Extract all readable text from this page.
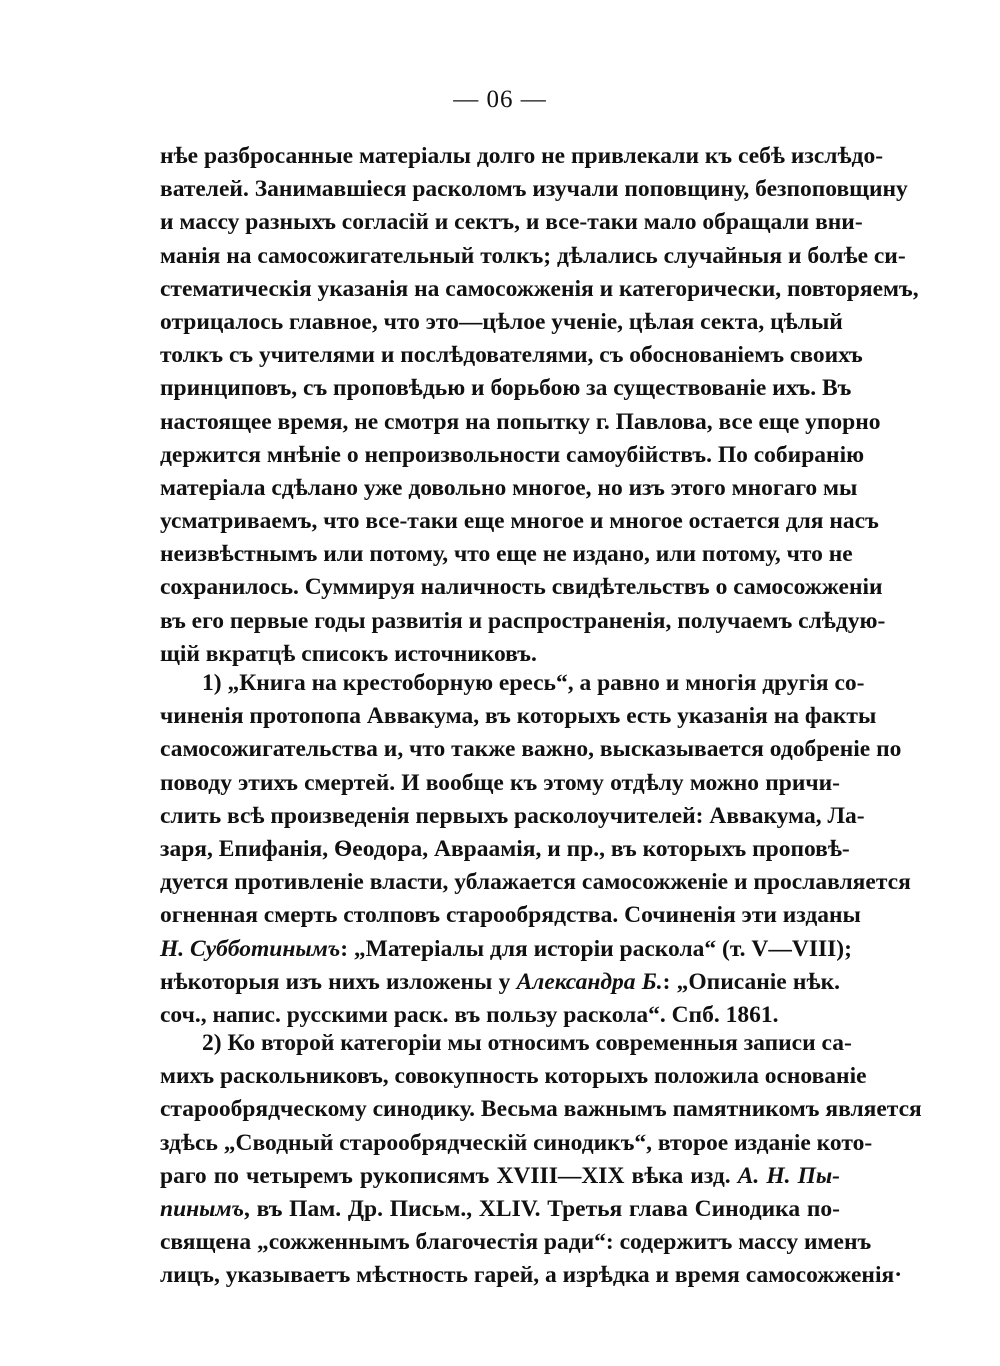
— 06 —
нѣе разбросанные матеріалы долго не привлекали къ себѣ изслѣдо-
вателей. Занимавшіеся расколомъ изучали поповщину, безпоповщину
и массу разныхъ согласій и сектъ, и все-таки мало обращали вни-
манія на самосожигательный толкъ; дѣлались случайныя и болѣе си-
стематическія указанія на самосожженія и категорически, повторяемъ,
отрицалось главное, что это—цѣлое ученіе, цѣлая секта, цѣлый
толкъ съ учителями и послѣдователями, съ обоснованіемъ своихъ
принциповъ, съ проповѣдью и борьбою за существованіе ихъ. Въ
настоящее время, не смотря на попытку г. Павлова, все еще упорно
держится мнѣніе о непроизвольности самоубійствъ. По собиранію
матеріала сдѣлано уже довольно многое, но изъ этого многаго мы
усматриваемъ, что все-таки еще многое и многое остается для насъ
неизвѣстнымъ или потому, что еще не издано, или потому, что не
сохранилось. Суммируя наличность свидѣтельствъ о самосожженіи
въ его первые годы развитія и распространенія, получаемъ слѣдую-
щій вкратцѣ списокъ источниковъ.
1) „Книга на крестоборную ересь“, а равно и многія другія со-
чиненія протопопа Аввакума, въ которыхъ есть указанія на факты
самосожигательства и, что также важно, высказывается одобреніе по
поводу этихъ смертей. И вообще къ этому отдѣлу можно причи-
слить всѣ произведенія первыхъ расколоучителей: Аввакума, Ла-
заря, Епифанія, Ѳеодора, Авраамія, и пр., въ которыхъ проповѣ-
дуется противленіе власти, ублажается самосожженіе и прославляется
огненная смерть столповъ старообрядства. Сочиненія эти изданы
Н. Субботинымъ: „Матеріалы для исторіи раскола“ (т. V—VIII);
нѣкоторыя изъ нихъ изложены у Александра Б.: „Описаніе нѣк.
соч., напис. русскими раск. въ пользу раскола“. Спб. 1861.
2) Ко второй категоріи мы относимъ современныя записи са-
михъ раскольниковъ, совокупность которыхъ положила основаніе
старообрядческому синодику. Весьма важнымъ памятникомъ является
здѣсь „Сводный старообрядческій синодикъ“, второе изданіе кото-
раго по четыремъ рукописямъ XVIII—XIX вѣка изд. А. Н. Пы-
пинымъ, въ Пам. Др. Письм., XLIV. Третья глава Синодика по-
священа „сожженнымъ благочестія ради“: содержитъ массу именъ
лицъ, указываетъ мѣстность гарей, а изрѣдка и время самосожженія·
